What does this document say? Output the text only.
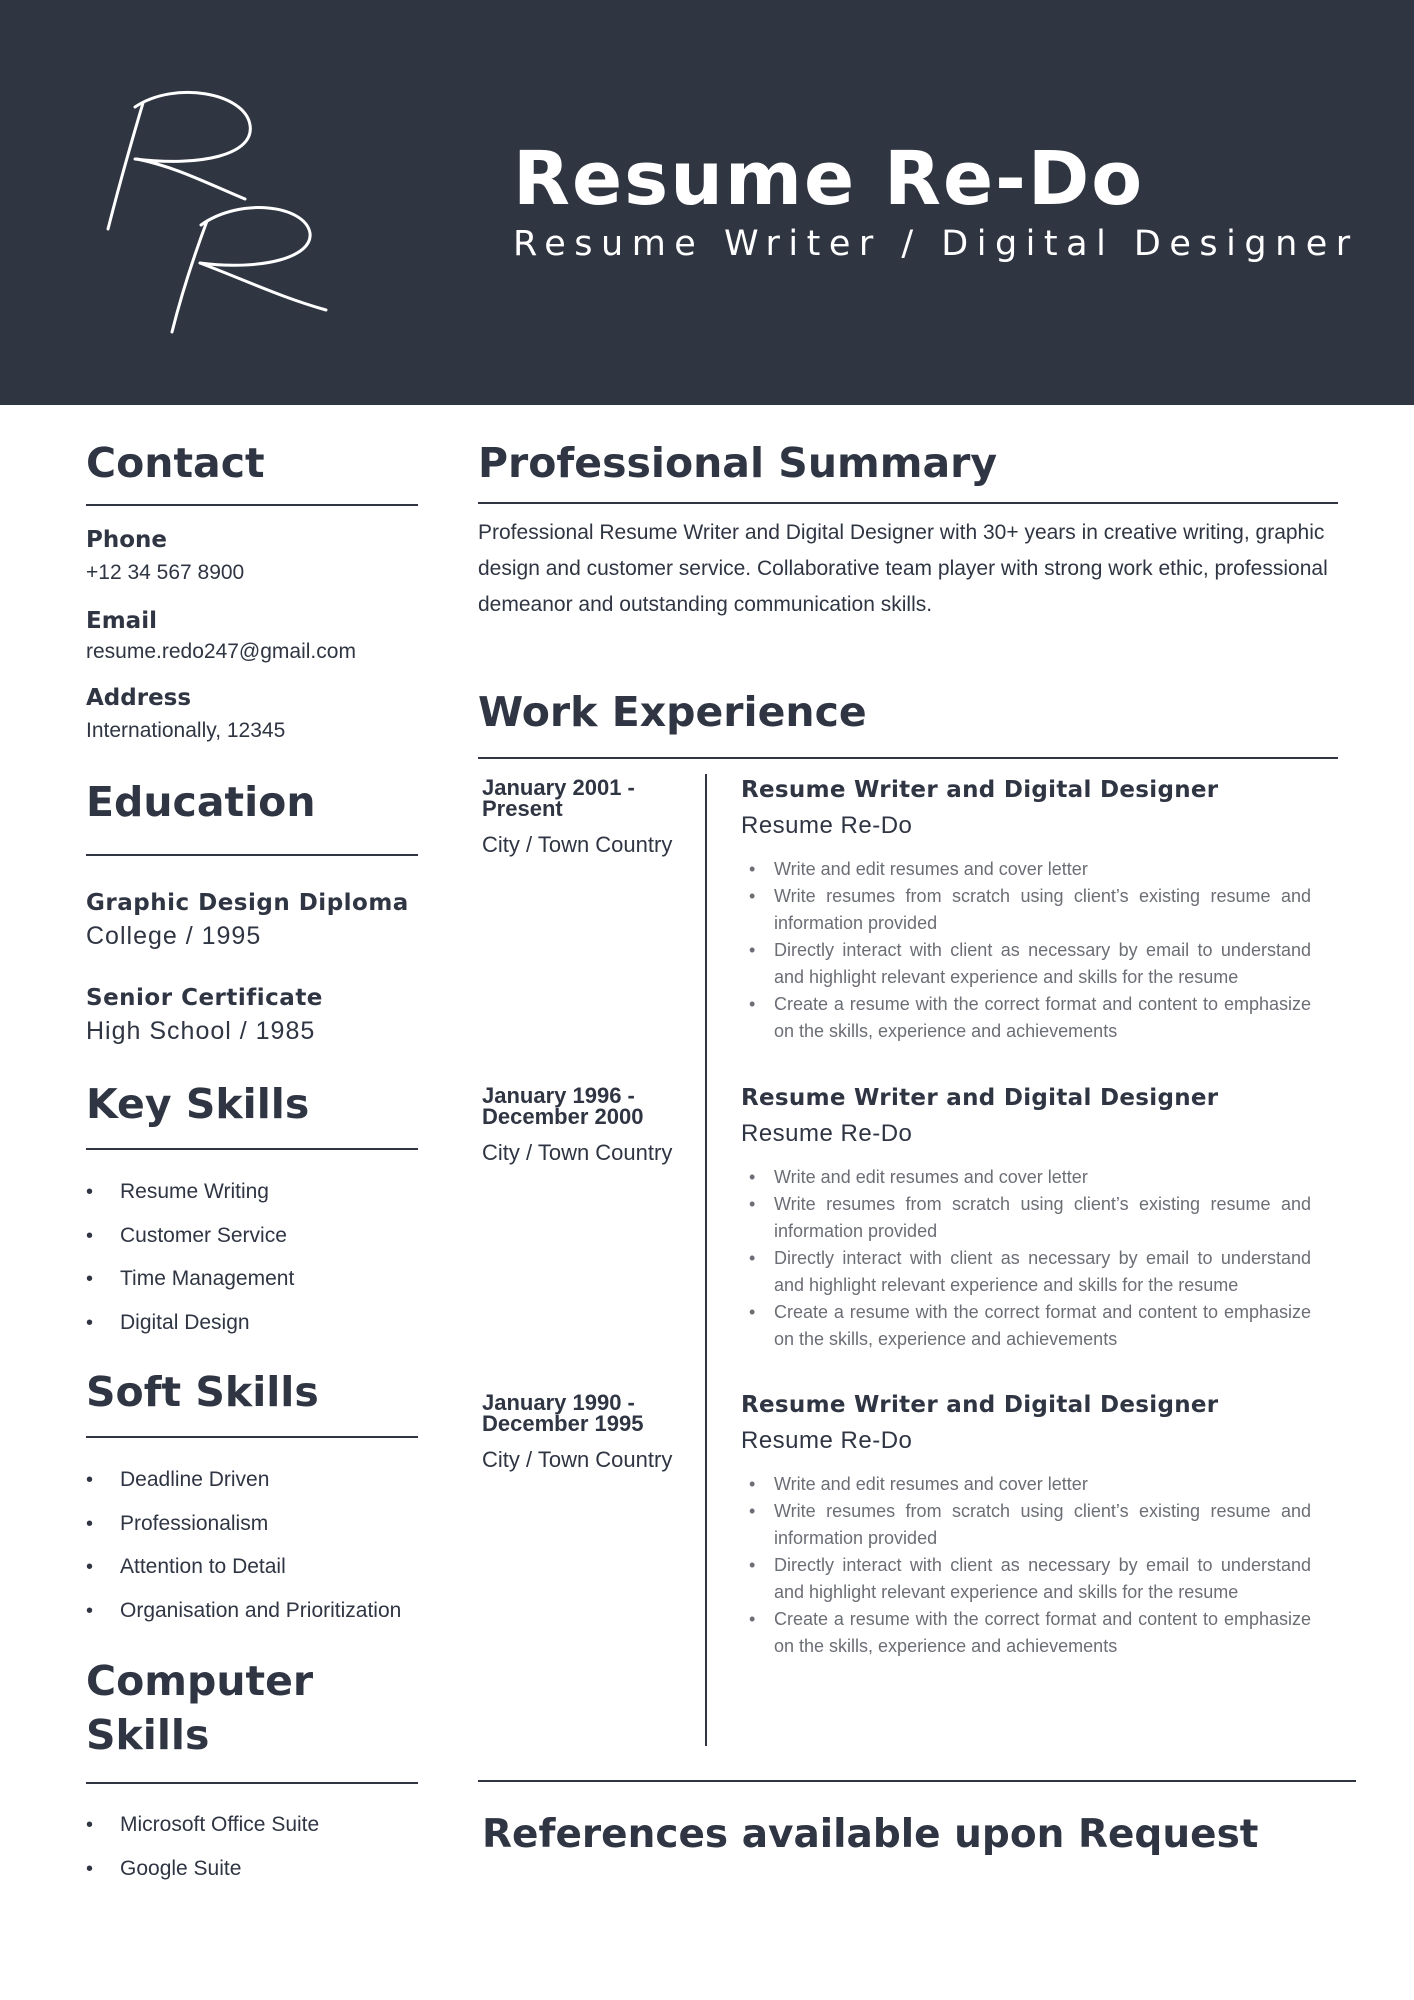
Resume Re-Do
Resume Writer / Digital Designer
Contact
Phone
+12 34 567 8900
Email
resume.redo247@gmail.com
Address
Internationally, 12345
Education
Graphic Design Diploma
College / 1995
Senior Certificate
High School / 1985
Key Skills
• Resume Writing
• Customer Service
• Time Management
• Digital Design
Soft Skills
• Deadline Driven
• Professionalism
• Attention to Detail
• Organisation and Prioritization
Computer Skills
• Microsoft Office Suite
• Google Suite
Professional Summary

Professional Resume Writer and Digital Designer with 30+ years in creative writing, graphic design and customer service. Collaborative team player with strong work ethic, professional demeanor and outstanding communication skills.

Work Experience
January 2001 - Present
City / Town Country
Resume Writer and Digital Designer
Resume Re-Do
• Write and edit resumes and cover letter
• Write resumes from scratch using client’s existing resume and information provided
• Directly interact with client as necessary by email to understand and highlight relevant experience and skills for the resume
• Create a resume with the correct format and content to emphasize on the skills, experience and achievements
January 1996 - December 2000
City / Town Country
Resume Writer and Digital Designer
Resume Re-Do
• Write and edit resumes and cover letter
• Write resumes from scratch using client’s existing resume and information provided
• Directly interact with client as necessary by email to understand and highlight relevant experience and skills for the resume
• Create a resume with the correct format and content to emphasize on the skills, experience and achievements
January 1990 - December 1995
City / Town Country
Resume Writer and Digital Designer
Resume Re-Do
• Write and edit resumes and cover letter
• Write resumes from scratch using client’s existing resume and information provided
• Directly interact with client as necessary by email to understand and highlight relevant experience and skills for the resume
• Create a resume with the correct format and content to emphasize on the skills, experience and achievements
References available upon Request
